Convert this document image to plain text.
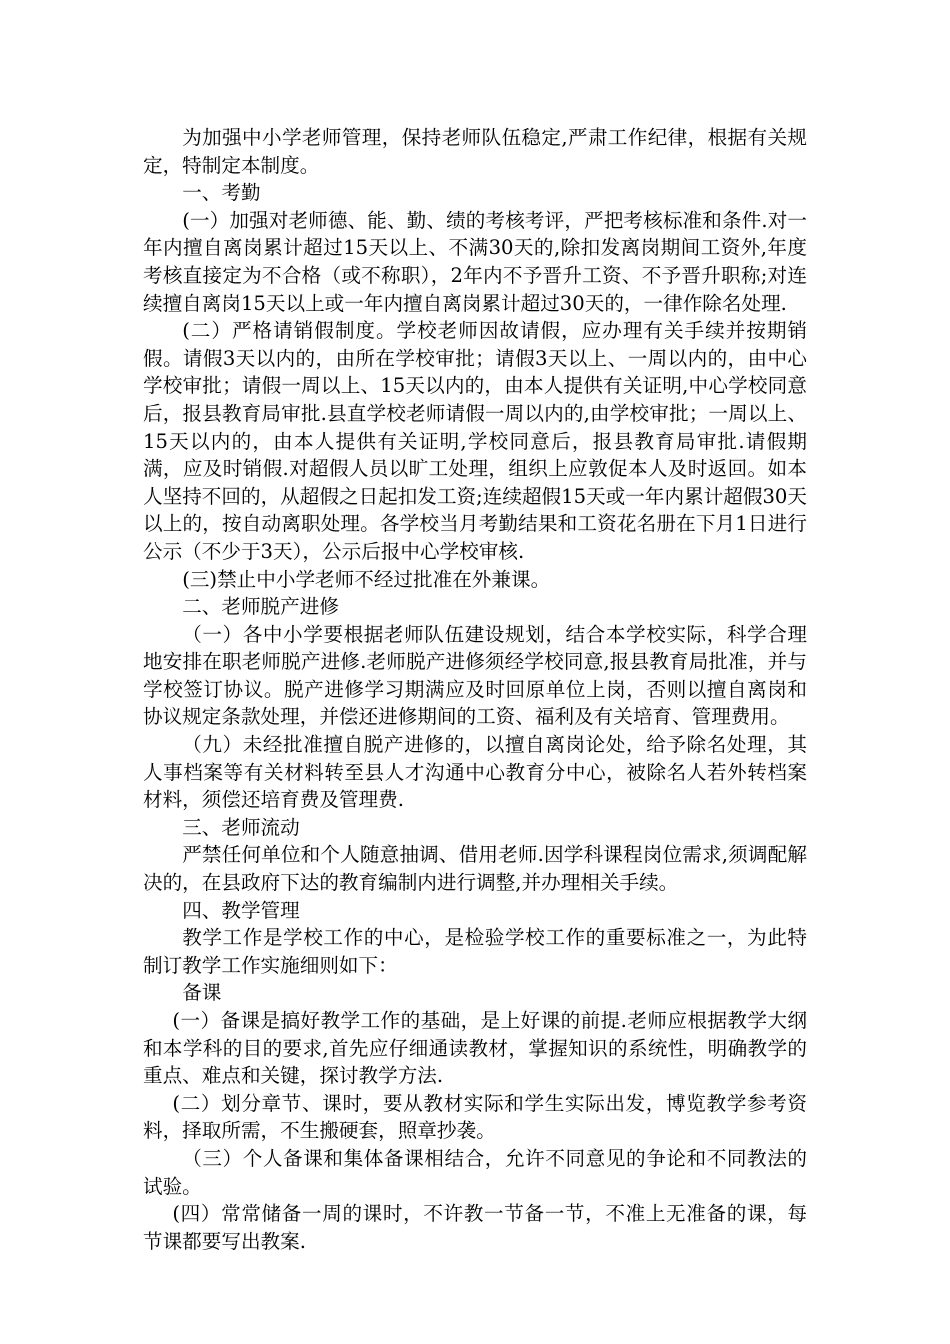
为加强中小学老师管理，保持老师队伍稳定,严肃工作纪律，根据有关规定，特制定本制度。

一、考勤

(一）加强对老师德、能、勤、绩的考核考评，严把考核标准和条件.对一年内擅自离岗累计超过15天以上、不满30天的,除扣发离岗期间工资外,年度考核直接定为不合格（或不称职），2年内不予晋升工资、不予晋升职称;对连续擅自离岗15天以上或一年内擅自离岗累计超过30天的，一律作除名处理.

(二）严格请销假制度。学校老师因故请假，应办理有关手续并按期销假。请假3天以内的，由所在学校审批；请假3天以上、一周以内的，由中心学校审批；请假一周以上、15天以内的，由本人提供有关证明,中心学校同意后，报县教育局审批.县直学校老师请假一周以内的,由学校审批；一周以上、15天以内的，由本人提供有关证明,学校同意后，报县教育局审批.请假期满，应及时销假.对超假人员以旷工处理，组织上应敦促本人及时返回。如本人坚持不回的，从超假之日起扣发工资;连续超假15天或一年内累计超假30天以上的，按自动离职处理。各学校当月考勤结果和工资花名册在下月1日进行公示（不少于3天），公示后报中心学校审核.

(三)禁止中小学老师不经过批准在外兼课。

二、老师脱产进修

（一）各中小学要根据老师队伍建设规划，结合本学校实际，科学合理地安排在职老师脱产进修.老师脱产进修须经学校同意,报县教育局批准，并与学校签订协议。脱产进修学习期满应及时回原单位上岗，否则以擅自离岗和协议规定条款处理，并偿还进修期间的工资、福利及有关培育、管理费用。

（九）未经批准擅自脱产进修的，以擅自离岗论处，给予除名处理，其人事档案等有关材料转至县人才沟通中心教育分中心，被除名人若外转档案材料，须偿还培育费及管理费.

三、老师流动

严禁任何单位和个人随意抽调、借用老师.因学科课程岗位需求,须调配解决的，在县政府下达的教育编制内进行调整,并办理相关手续。

四、教学管理

教学工作是学校工作的中心，是检验学校工作的重要标准之一，为此特制订教学工作实施细则如下：

备课

(一）备课是搞好教学工作的基础，是上好课的前提.老师应根据教学大纲和本学科的目的要求,首先应仔细通读教材，掌握知识的系统性，明确教学的重点、难点和关键，探讨教学方法.

(二）划分章节、课时，要从教材实际和学生实际出发，博览教学参考资料，择取所需，不生搬硬套，照章抄袭。

（三）个人备课和集体备课相结合，允许不同意见的争论和不同教法的试验。

(四）常常储备一周的课时，不许教一节备一节，不准上无准备的课，每节课都要写出教案.
